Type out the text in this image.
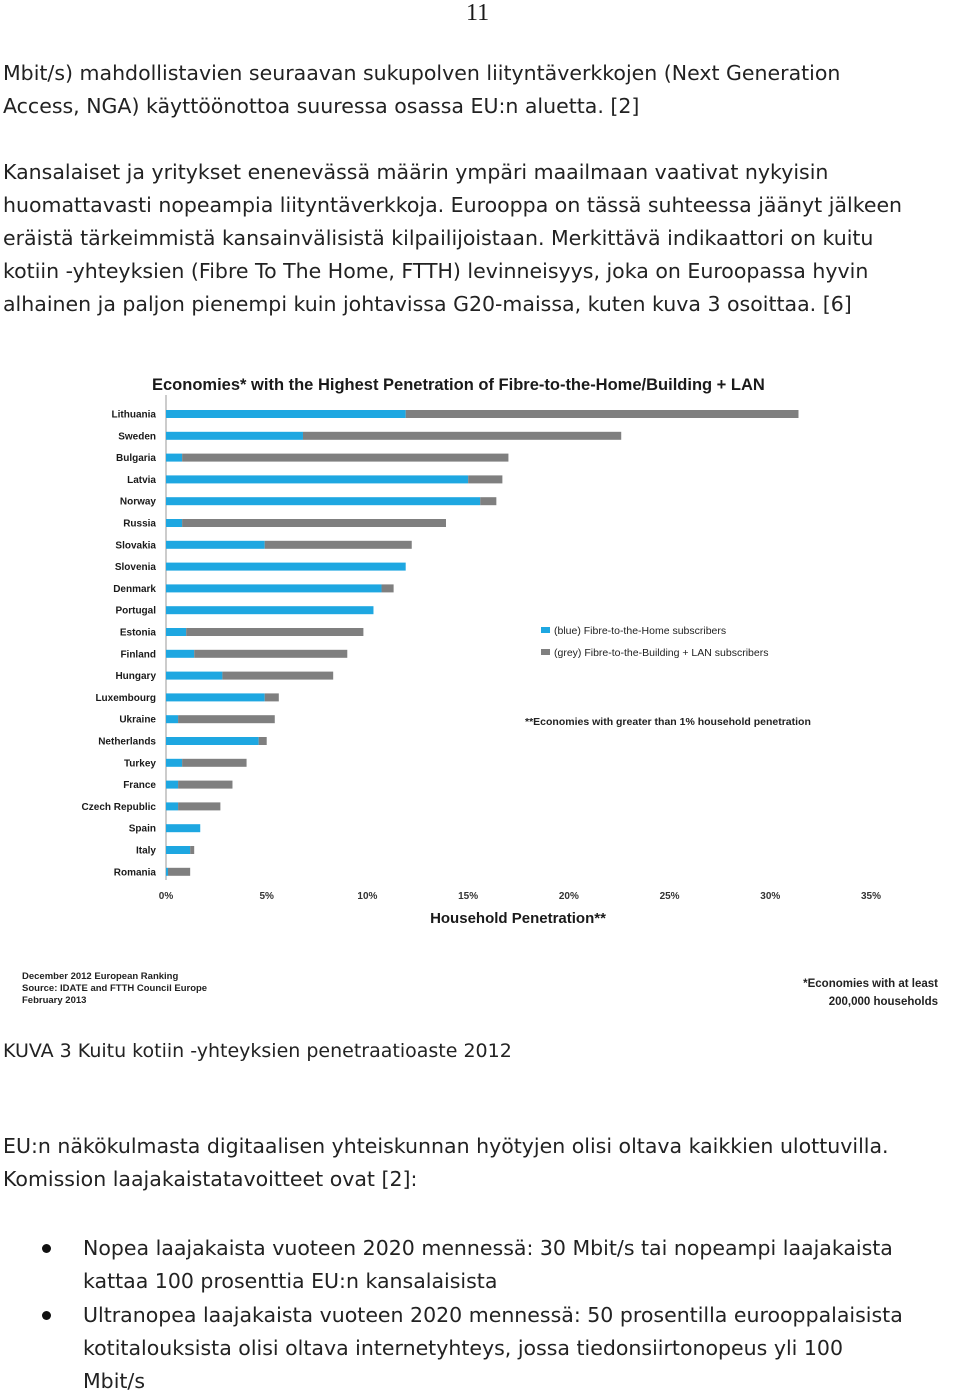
11
Mbit/s) mahdollistavien seuraavan sukupolven liityntäverkkojen (Next Generation
Access, NGA) käyttöönottoa suuressa osassa EU:n aluetta. [2]
Kansalaiset ja yritykset enenevässä määrin ympäri maailmaan vaativat nykyisin
huomattavasti nopeampia liityntäverkkoja. Eurooppa on tässä suhteessa jäänyt jälkeen
eräistä tärkeimmistä kansainvälisistä kilpailijoistaan. Merkittävä indikaattori on kuitu
kotiin -yhteyksien (Fibre To The Home, FTTH) levinneisyys, joka on Euroopassa hyvin
alhainen ja paljon pienempi kuin johtavissa G20-maissa, kuten kuva 3 osoittaa. [6]
Economies* with the Highest Penetration of Fibre-to-the-Home/Building + LAN
Lithuania
Sweden
Bulgaria
Latvia
Norway
Russia
Slovakia
Slovenia
Denmark
Portugal
Estonia
Finland
Hungary
Luxembourg
Ukraine
Netherlands
Turkey
France
Czech Republic
Spain
Italy
Romania
0%	5%	10%	15%	20%	25%	30%	35%
Household Penetration**
(blue) Fibre-to-the-Home subscribers
(grey) Fibre-to-the-Building + LAN subscribers
**Economies with greater than 1% household penetration
December 2012 European Ranking
Source: IDATE and FTTH Council Europe
February 2013
*Economies with at least
200,000 households
KUVA 3 Kuitu kotiin -yhteyksien penetraatioaste 2012
EU:n näkökulmasta digitaalisen yhteiskunnan hyötyjen olisi oltava kaikkien ulottuvilla.
Komission laajakaistatavoitteet ovat [2]:
Nopea laajakaista vuoteen 2020 mennessä: 30 Mbit/s tai nopeampi laajakaista
kattaa 100 prosenttia EU:n kansalaisista
Ultranopea laajakaista vuoteen 2020 mennessä: 50 prosentilla eurooppalaisista
kotitalouksista olisi oltava internetyhteys, jossa tiedonsiirtonopeus yli 100
Mbit/s
